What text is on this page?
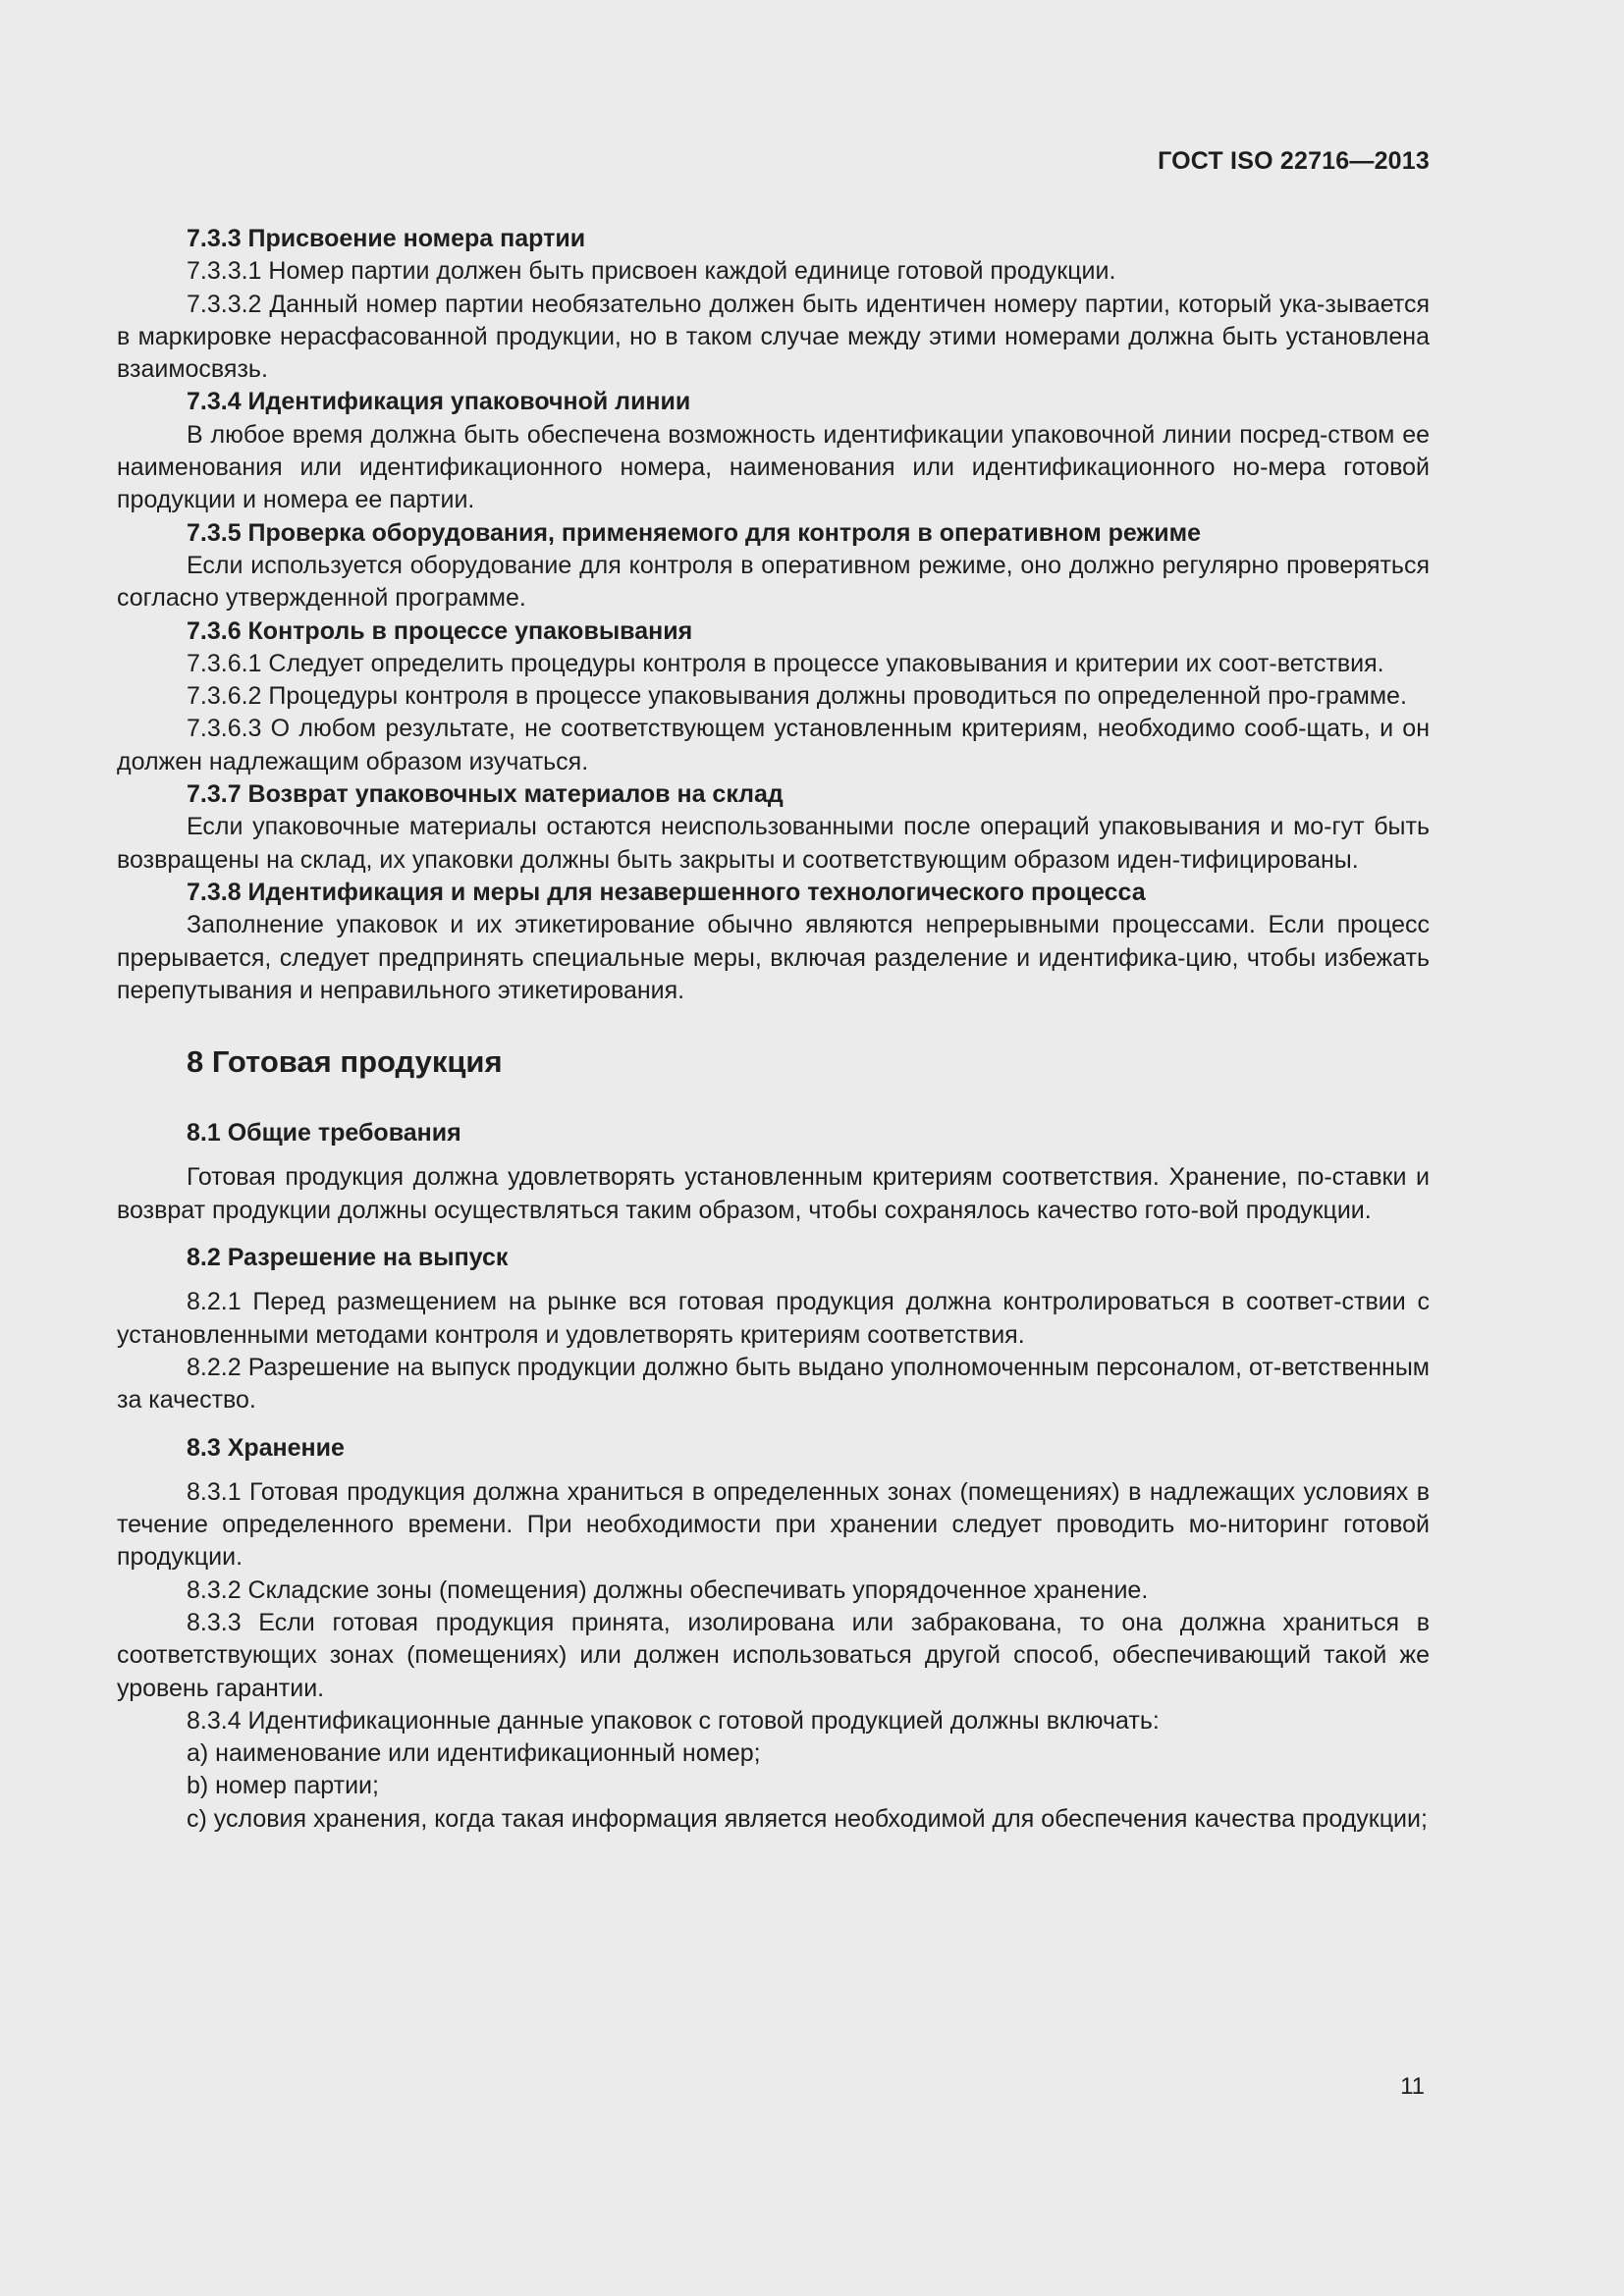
ГОСТ ISO 22716—2013

7.3.3 Присвоение номера партии

7.3.3.1 Номер партии должен быть присвоен каждой единице готовой продукции.

7.3.3.2 Данный номер партии необязательно должен быть идентичен номеру партии, который ука-зывается в маркировке нерасфасованной продукции, но в таком случае между этими номерами должна быть установлена взаимосвязь.

7.3.4 Идентификация упаковочной линии

В любое время должна быть обеспечена возможность идентификации упаковочной линии посред-ством ее наименования или идентификационного номера, наименования или идентификационного но-мера готовой продукции и номера ее партии.

7.3.5 Проверка оборудования, применяемого для контроля в оперативном режиме

Если используется оборудование для контроля в оперативном режиме, оно должно регулярно проверяться согласно утвержденной программе.

7.3.6 Контроль в процессе упаковывания

7.3.6.1 Следует определить процедуры контроля в процессе упаковывания и критерии их соот-ветствия.

7.3.6.2 Процедуры контроля в процессе упаковывания должны проводиться по определенной про-грамме.

7.3.6.3 О любом результате, не соответствующем установленным критериям, необходимо сооб-щать, и он должен надлежащим образом изучаться.

7.3.7 Возврат упаковочных материалов на склад

Если упаковочные материалы остаются неиспользованными после операций упаковывания и мо-гут быть возвращены на склад, их упаковки должны быть закрыты и соответствующим образом иден-тифицированы.

7.3.8 Идентификация и меры для незавершенного технологического процесса

Заполнение упаковок и их этикетирование обычно являются непрерывными процессами. Если процесс прерывается, следует предпринять специальные меры, включая разделение и идентифика-цию, чтобы избежать перепутывания и неправильного этикетирования.

8 Готовая продукция
8.1 Общие требования

Готовая продукция должна удовлетворять установленным критериям соответствия. Хранение, по-ставки и возврат продукции должны осуществляться таким образом, чтобы сохранялось качество гото-вой продукции.

8.2 Разрешение на выпуск

8.2.1 Перед размещением на рынке вся готовая продукция должна контролироваться в соответ-ствии с установленными методами контроля и удовлетворять критериям соответствия.

8.2.2 Разрешение на выпуск продукции должно быть выдано уполномоченным персоналом, от-ветственным за качество.

8.3 Хранение

8.3.1 Готовая продукция должна храниться в определенных зонах (помещениях) в надлежащих условиях в течение определенного времени. При необходимости при хранении следует проводить мо-ниторинг готовой продукции.

8.3.2 Складские зоны (помещения) должны обеспечивать упорядоченное хранение.

8.3.3 Если готовая продукция принята, изолирована или забракована, то она должна храниться в соответствующих зонах (помещениях) или должен использоваться другой способ, обеспечивающий такой же уровень гарантии.

8.3.4 Идентификационные данные упаковок с готовой продукцией должны включать:

a) наименование или идентификационный номер;

b) номер партии;

c) условия хранения, когда такая информация является необходимой для обеспечения качества продукции;

11
